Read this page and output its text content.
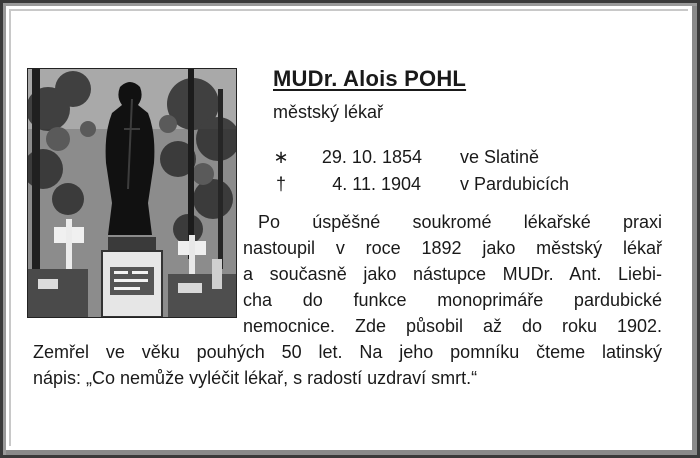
MUDr. Alois POHL

městský lékař

∗	29. 10. 1854 ve Slatině
†	4. 11. 1904 v Pardubicích
Po úspěšné soukromé lékařské praxi
nastoupil v roce 1892 jako městský lékař
a současně jako nástupce MUDr. Ant. Liebi-
cha do funkce monoprimáře pardubické
nemocnice. Zde působil až do roku 1902.
Zemřel ve věku pouhých 50 let. Na jeho pomníku čteme latinský
nápis: „Co nemůže vyléčit lékař, s radostí uzdraví smrt.“
